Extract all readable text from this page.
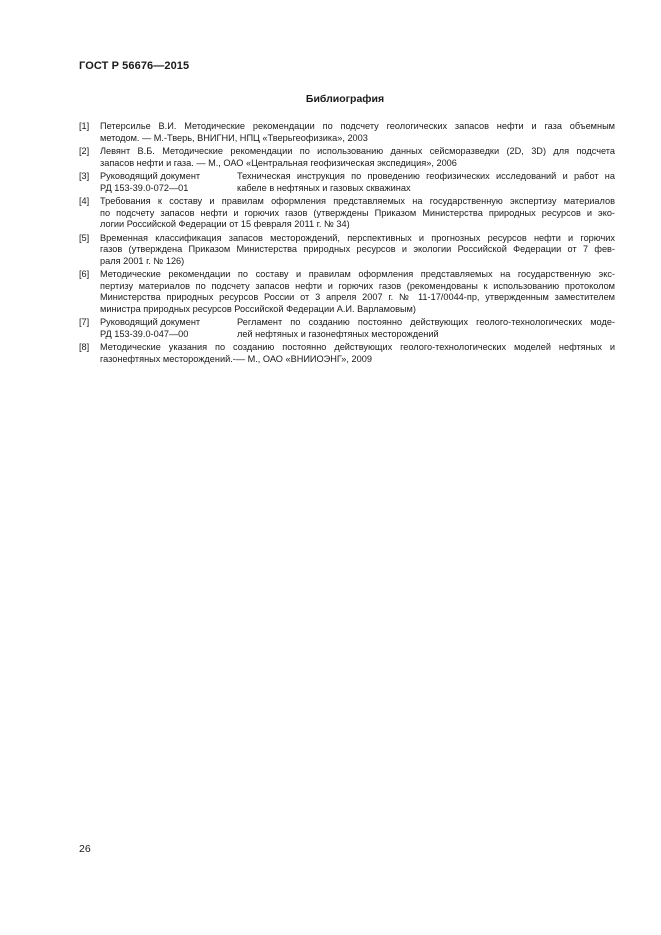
ГОСТ Р 56676—2015
Библиография
[1]	Петерсилье В.И. Методические рекомендации по подсчету геологических запасов нефти и газа объемным
методом. — М.-Тверь, ВНИГНИ, НПЦ «Тверьгеофизика», 2003
[2]	Левянт В.Б. Методические рекомендации по использованию данных сейсморазведки (2D, 3D) для подсчета
запасов нефти и газа. — М., ОАО «Центральная геофизическая экспедиция», 2006
[3]	Руководящий документ	Техническая инструкция по проведению геофизических исследований и работ на
РД 153-39.0-072—01	кабеле в нефтяных и газовых скважинах
[4]	Требования к составу и правилам оформления представляемых на государственную экспертизу материалов
по подсчету запасов нефти и горючих газов (утверждены Приказом Министерства природных ресурсов и эко-
логии Российской Федерации от 15 февраля 2011 г. № 34)
[5]	Временная классификация запасов месторождений, перспективных и прогнозных ресурсов нефти и горючих
газов (утверждена Приказом Министерства природных ресурсов и экологии Российской Федерации от 7 фев-
раля 2001 г. № 126)
[6]	Методические рекомендации по составу и правилам оформления представляемых на государственную экс-
пертизу материалов по подсчету запасов нефти и горючих газов (рекомендованы к использованию протоколом
Министерства природных ресурсов России от 3 апреля 2007 г. № 11-17/0044-пр, утвержденным заместителем
министра природных ресурсов Российской Федерации А.И. Варламовым)
[7]	Руководящий документ	Регламент по созданию постоянно действующих геолого-технологических моде-
РД 153-39.0-047—00	лей нефтяных и газонефтяных месторождений
[8]	Методические указания по созданию постоянно действующих геолого-технологических моделей нефтяных и
газонефтяных месторождений.-— М., ОАО «ВНИИОЭНГ», 2009
26
